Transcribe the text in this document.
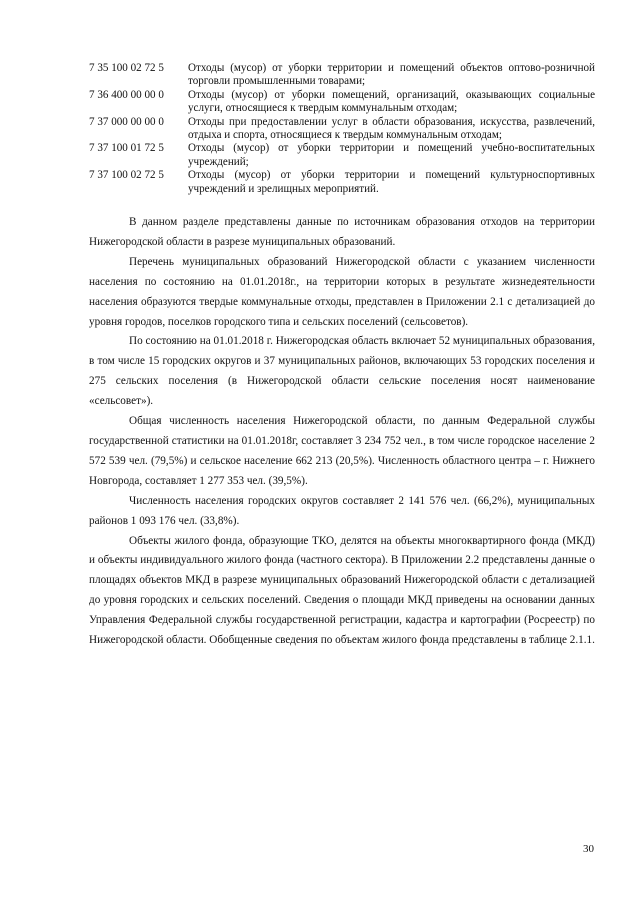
7 35 100 02 72 5	Отходы (мусор) от уборки территории и помещений объектов оптово-розничной торговли промышленными товарами;
7 36 400 00 00 0	Отходы (мусор) от уборки помещений, организаций, оказывающих социальные услуги, относящиеся к твердым коммунальным отходам;
7 37 000 00 00 0	Отходы при предоставлении услуг в области образования, искусства, развлечений, отдыха и спорта, относящиеся к твердым коммунальным отходам;
7 37 100 01 72 5	Отходы (мусор) от уборки территории и помещений учебно-воспитательных учреждений;
7 37 100 02 72 5	Отходы (мусор) от уборки территории и помещений культурноспортивных учреждений и зрелищных мероприятий.

В данном разделе представлены данные по источникам образования отходов на территории Нижегородской области в разрезе муниципальных образований.

Перечень муниципальных образований Нижегородской области с указанием численности населения по состоянию на 01.01.2018г., на территории которых в результате жизнедеятельности населения образуются твердые коммунальные отходы, представлен в Приложении 2.1 с детализацией до уровня городов, поселков городского типа и сельских поселений (сельсоветов).

По состоянию на 01.01.2018 г. Нижегородская область включает 52 муниципальных образования, в том числе 15 городских округов и 37 муниципальных районов, включающих 53 городских поселения и 275 сельских поселения (в Нижегородской области сельские поселения носят наименование «сельсовет»).

Общая численность населения Нижегородской области, по данным Федеральной службы государственной статистики на 01.01.2018г, составляет 3 234 752 чел., в том числе городское население 2 572 539 чел. (79,5%) и сельское население 662 213 (20,5%). Численность областного центра – г. Нижнего Новгорода, составляет 1 277 353 чел. (39,5%).

Численность населения городских округов составляет 2 141 576 чел. (66,2%), муниципальных районов 1 093 176 чел. (33,8%).

Объекты жилого фонда, образующие ТКО, делятся на объекты многоквартирного фонда (МКД) и объекты индивидуального жилого фонда (частного сектора). В Приложении 2.2 представлены данные о площадях объектов МКД в разрезе муниципальных образований Нижегородской области с детализацией до уровня городских и сельских поселений. Сведения о площади МКД приведены на основании данных Управления Федеральной службы государственной регистрации, кадастра и картографии (Росреестр) по Нижегородской области. Обобщенные сведения по объектам жилого фонда представлены в таблице 2.1.1.

30
